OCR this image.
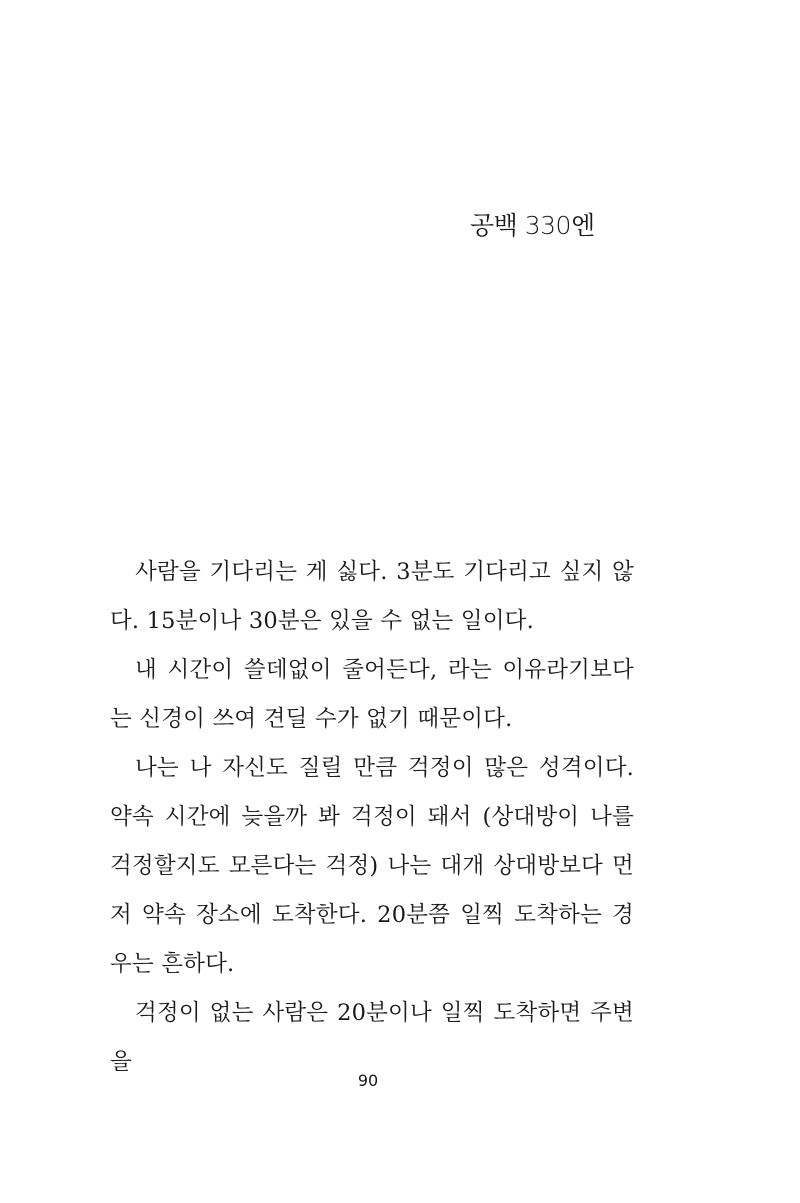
공백 330엔

사람을 기다리는 게 싫다. 3분도 기다리고 싶지 않다. 15분이나 30분은 있을 수 없는 일이다.

내 시간이 쓸데없이 줄어든다, 라는 이유라기보다는 신경이 쓰여 견딜 수가 없기 때문이다.

나는 나 자신도 질릴 만큼 걱정이 많은 성격이다. 약속 시간에 늦을까 봐 걱정이 돼서 (상대방이 나를 걱정할지도 모른다는 걱정) 나는 대개 상대방보다 먼저 약속 장소에 도착한다. 20분쯤 일찍 도착하는 경우는 흔하다.

걱정이 없는 사람은 20분이나 일찍 도착하면 주변을

90
